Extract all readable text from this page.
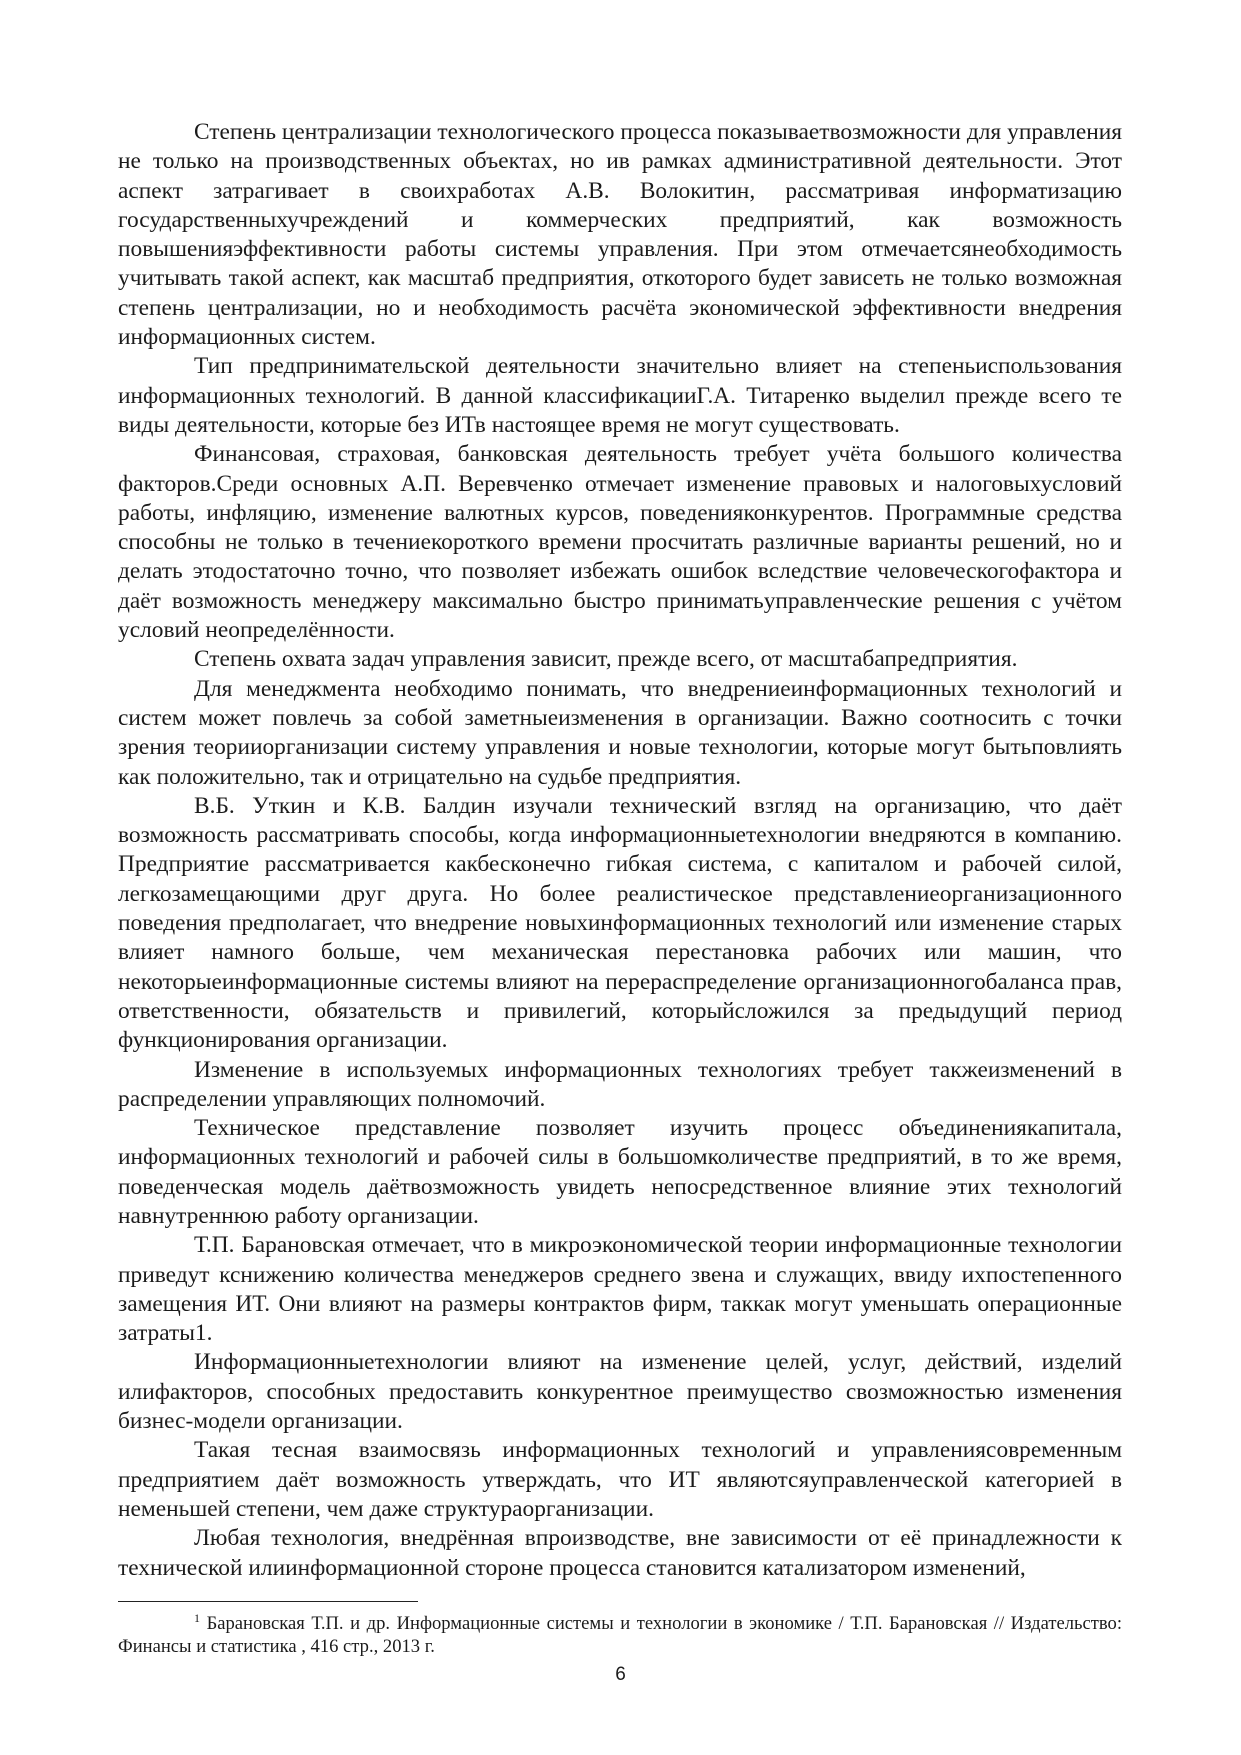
Степень централизации технологического процесса показываетвозможности для управления не только на производственных объектах, но ив рамках административной деятельности. Этот аспект затрагивает в своихработах А.В. Волокитин, рассматривая информатизацию государственныхучреждений и коммерческих предприятий, как возможность повышенияэффективности работы системы управления. При этом отмечаетсянеобходимость учитывать такой аспект, как масштаб предприятия, откоторого будет зависеть не только возможная степень централизации, но и необходимость расчёта экономической эффективности внедрения информационных систем.

Тип предпринимательской деятельности значительно влияет на степеньиспользования информационных технологий. В данной классификацииГ.А. Титаренко выделил прежде всего те виды деятельности, которые без ИТв настоящее время не могут существовать.

Финансовая, страховая, банковская деятельность требует учёта большого количества факторов.Среди основных А.П. Веревченко отмечает изменение правовых и налоговыхусловий работы, инфляцию, изменение валютных курсов, поведенияконкурентов. Программные средства способны не только в течениекороткого времени просчитать различные варианты решений, но и делать этодостаточно точно, что позволяет избежать ошибок вследствие человеческогофактора и даёт возможность менеджеру максимально быстро приниматьуправленческие решения с учётом условий неопределённости.

Степень охвата задач управления зависит, прежде всего, от масштабапредприятия.

Для менеджмента необходимо понимать, что внедрениеинформационных технологий и систем может повлечь за собой заметныеизменения в организации. Важно соотносить с точки зрения теорииорганизации систему управления и новые технологии, которые могут бытьповлиять как положительно, так и отрицательно на судьбе предприятия.

В.Б. Уткин и К.В. Балдин изучали технический взгляд на организацию, что даёт возможность рассматривать способы, когда информационныетехнологии внедряются в компанию. Предприятие рассматривается какбесконечно гибкая система, с капиталом и рабочей силой, легкозамещающими друг друга. Но более реалистическое представлениеорганизационного поведения предполагает, что внедрение новыхинформационных технологий или изменение старых влияет намного больше, чем механическая перестановка рабочих или машин, что некоторыеинформационные системы влияют на перераспределение организационногобаланса прав, ответственности, обязательств и привилегий, которыйсложился за предыдущий период функционирования организации.

Изменение в используемых информационных технологиях требует такжеизменений в распределении управляющих полномочий.

Техническое представление позволяет изучить процесс объединениякапитала, информационных технологий и рабочей силы в большомколичестве предприятий, в то же время, поведенческая модель даётвозможность увидеть непосредственное влияние этих технологий навнутреннюю работу организации.

Т.П. Барановская отмечает, что в микроэкономической теории информационные технологии приведут кснижению количества менеджеров среднего звена и служащих, ввиду ихпостепенного замещения ИТ. Они влияют на размеры контрактов фирм, таккак могут уменьшать операционные затраты1.

Информационныетехнологии влияют на изменение целей, услуг, действий, изделий илифакторов, способных предоставить конкурентное преимущество свозможностью изменения бизнес-модели организации.

Такая тесная взаимосвязь информационных технологий и управлениясовременным предприятием даёт возможность утверждать, что ИТ являютсяуправленческой категорией в неменьшей степени, чем даже структураорганизации.

Любая технология, внедрённая впроизводстве, вне зависимости от её принадлежности к технической илиинформационной стороне процесса становится катализатором изменений,

$^1$ Барановская Т.П. и др. Информационные системы и технологии в экономике / Т.П. Барановская // Издательство: Финансы и статистика , 416 стр., 2013 г.

6
